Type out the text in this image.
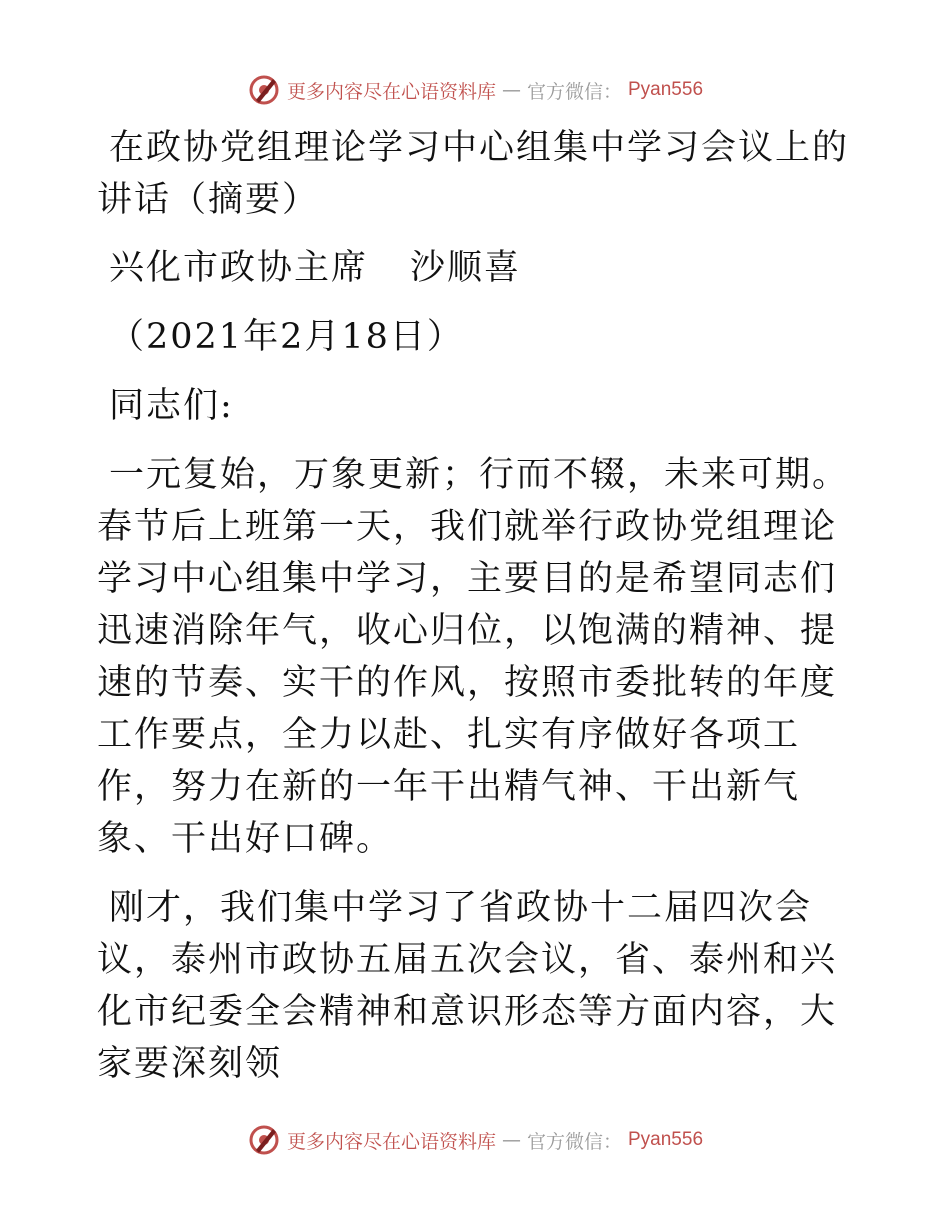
更多内容尽在心语资料库 — 官方微信： Pyan556

在政协党组理论学习中心组集中学习会议上的讲话（摘要）

兴化市政协主席 沙顺喜

（2021年2月18日）

同志们:

一元复始，万象更新；行而不辍，未来可期。春节后上班第一天，我们就举行政协党组理论学习中心组集中学习，主要目的是希望同志们迅速消除年气，收心归位，以饱满的精神、提速的节奏、实干的作风，按照市委批转的年度工作要点，全力以赴、扎实有序做好各项工作，努力在新的一年干出精气神、干出新气象、干出好口碑。

刚才，我们集中学习了省政协十二届四次会议，泰州市政协五届五次会议，省、泰州和兴化市纪委全会精神和意识形态等方面内容，大家要深刻领

更多内容尽在心语资料库 — 官方微信： Pyan556
